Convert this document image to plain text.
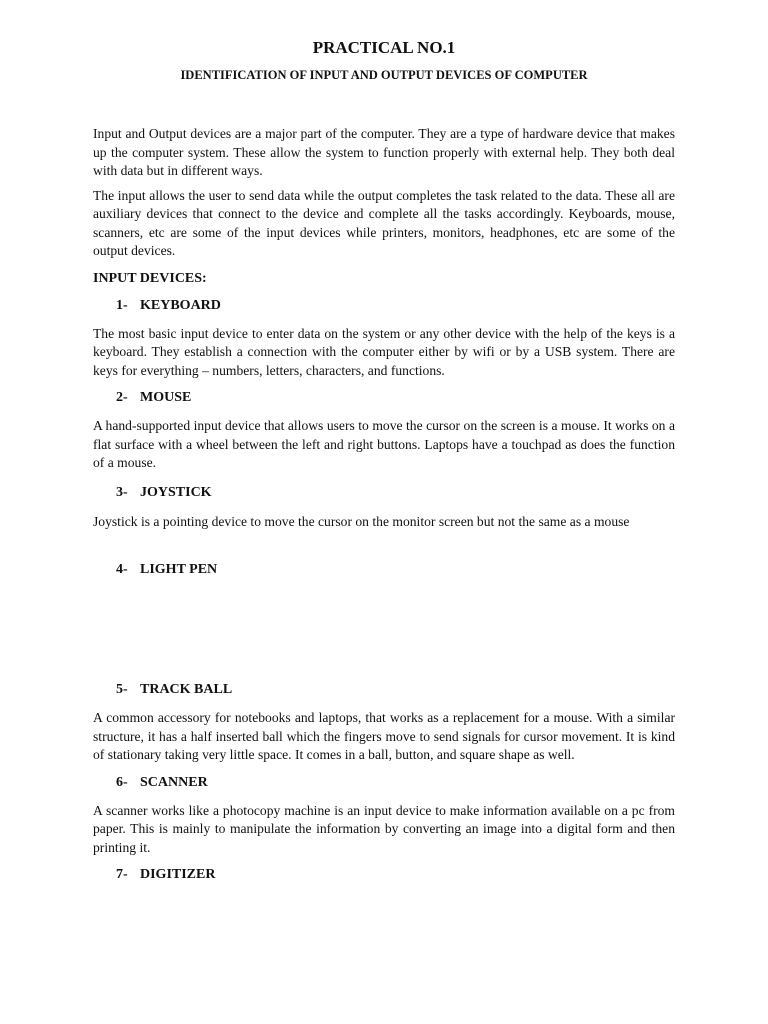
PRACTICAL NO.1
IDENTIFICATION OF INPUT AND OUTPUT DEVICES OF COMPUTER

Input and Output devices are a major part of the computer. They are a type of hardware device that makes up the computer system. These allow the system to function properly with external help. They both deal with data but in different ways.

The input allows the user to send data while the output completes the task related to the data. These all are auxiliary devices that connect to the device and complete all the tasks accordingly. Keyboards, mouse, scanners, etc are some of the input devices while printers, monitors, headphones, etc are some of the output devices.

INPUT DEVICES:

1- KEYBOARD

The most basic input device to enter data on the system or any other device with the help of the keys is a keyboard. They establish a connection with the computer either by wifi or by a USB system. There are keys for everything – numbers, letters, characters, and functions.

2- MOUSE

A hand-supported input device that allows users to move the cursor on the screen is a mouse. It works on a flat surface with a wheel between the left and right buttons. Laptops have a touchpad as does the function of a mouse.

3- JOYSTICK

Joystick is a pointing device to move the cursor on the monitor screen but not the same as a mouse

4- LIGHT PEN

5- TRACK BALL

A common accessory for notebooks and laptops, that works as a replacement for a mouse. With a similar structure, it has a half inserted ball which the fingers move to send signals for cursor movement. It is kind of stationary taking very little space. It comes in a ball, button, and square shape as well.

6- SCANNER

A scanner works like a photocopy machine is an input device to make information available on a pc from paper. This is mainly to manipulate the information by converting an image into a digital form and then printing it.

7- DIGITIZER
